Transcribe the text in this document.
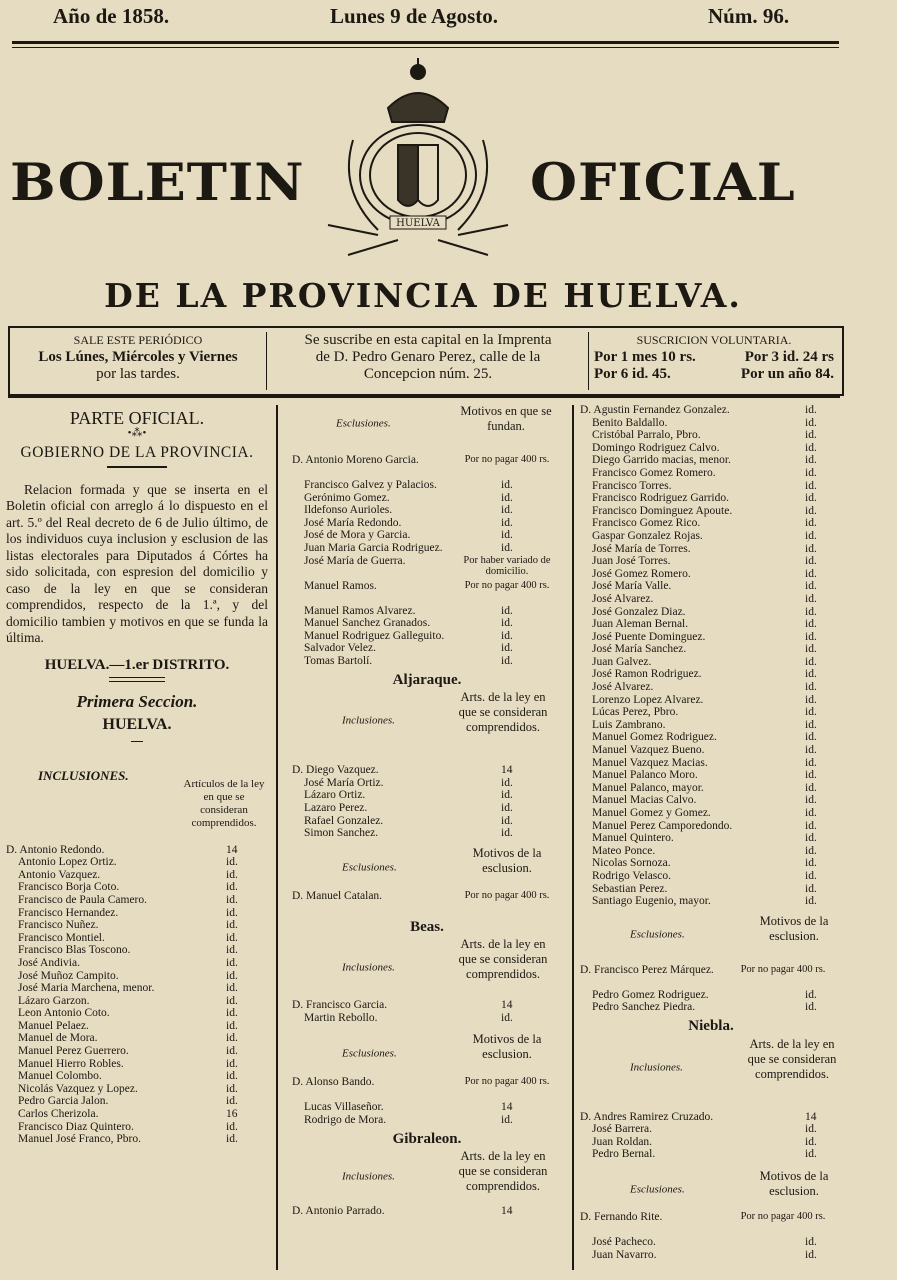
Año de 1858.	Lunes 9 de Agosto.	Núm. 96.
BOLETIN	OFICIAL
HUELVA
DE LA PROVINCIA DE HUELVA.
SALE ESTE PERIÓDICO
Los Lúnes, Miércoles y Viernes
por las tardes.
Se suscribe en esta capital en la Imprenta
de D. Pedro Genaro Perez, calle de la
Concepcion núm. 25.
SUSCRICION VOLUNTARIA.
Por 1 mes 10 rs.	Por 3 id. 24 rs
Por 6 id. 45.	Por un año 84.
PARTE OFICIAL.
•⁂•
GOBIERNO DE LA PROVINCIA.
Relacion formada y que se inserta en el Boletin oficial con arreglo á lo dispuesto en el art. 5.º del Real decreto de 6 de Julio último, de los individuos cuya inclusion y esclusion de las listas electorales para Diputados á Córtes ha sido solicitada, con espresion del domicilio y caso de la ley en que se consideran comprendidos, respecto de la 1.ª, y del domicilio tambien y motivos en que se funda la última.
HUELVA.—1.er DISTRITO.
Primera Seccion.
HUELVA.
INCLUSIONES.
Artículos de la ley en que se consideran comprendidos.
D. Antonio Redondo.	14
Antonio Lopez Ortiz.	id.
Antonio Vazquez.	id.
Francisco Borja Coto.	id.
Francisco de Paula Camero.	id.
Francisco Hernandez.	id.
Francisco Nuñez.	id.
Francisco Montiel.	id.
Francisco Blas Toscono.	id.
José Andivia.	id.
José Muñoz Campito.	id.
José Maria Marchena, menor.	id.
Lázaro Garzon.	id.
Leon Antonio Coto.	id.
Manuel Pelaez.	id.
Manuel de Mora.	id.
Manuel Perez Guerrero.	id.
Manuel Hierro Robles.	id.
Manuel Colombo.	id.
Nicolás Vazquez y Lopez.	id.
Pedro Garcia Jalon.	id.
Carlos Cherizola.	16
Francisco Diaz Quintero.	id.
Manuel José Franco, Pbro.	id.
Esclusiones.
Motivos en que se fundan.
D. Antonio Moreno Garcia.	Por no pagar 400 rs.
Francisco Galvez y Palacios.	id.
Gerónimo Gomez.	id.
Ildefonso Aurioles.	id.
José María Redondo.	id.
José de Mora y Garcia.	id.
Juan Maria Garcia Rodriguez.	id.
José María de Guerra.	Por haber variado de domicilio.
Manuel Ramos.	Por no pagar 400 rs.
Manuel Ramos Alvarez.	id.
Manuel Sanchez Granados.	id.
Manuel Rodriguez Galleguito.	id.
Salvador Velez.	id.
Tomas Bartolí.	id.
Aljaraque.
Inclusiones.
Arts. de la ley en que se consideran comprendidos.
D. Diego Vazquez.	14
José María Ortiz.	id.
Lázaro Ortiz.	id.
Lazaro Perez.	id.
Rafael Gonzalez.	id.
Simon Sanchez.	id.
Esclusiones.
Motivos de la esclusion.
D. Manuel Catalan.	Por no pagar 400 rs.
Beas.
Inclusiones.
Arts. de la ley en que se consideran comprendidos.
D. Francisco Garcia.	14
Martin Rebollo.	id.
Esclusiones.
Motivos de la esclusion.
D. Alonso Bando.	Por no pagar 400 rs.
Lucas Villaseñor.	14
Rodrigo de Mora.	id.
Gibraleon.
Inclusiones.
Arts. de la ley en que se consideran comprendidos.
D. Antonio Parrado.	14
D. Agustin Fernandez Gonzalez.	id.
Benito Baldallo.	id.
Cristóbal Parralo, Pbro.	id.
Domingo Rodriguez Calvo.	id.
Diego Garrido macias, menor.	id.
Francisco Gomez Romero.	id.
Francisco Torres.	id.
Francisco Rodriguez Garrido.	id.
Francisco Dominguez Apoute.	id.
Francisco Gomez Rico.	id.
Gaspar Gonzalez Rojas.	id.
José María de Torres.	id.
Juan José Torres.	id.
José Gomez Romero.	id.
José María Valle.	id.
José Alvarez.	id.
José Gonzalez Diaz.	id.
Juan Aleman Bernal.	id.
José Puente Dominguez.	id.
José María Sanchez.	id.
Juan Galvez.	id.
José Ramon Rodriguez.	id.
José Alvarez.	id.
Lorenzo Lopez Alvarez.	id.
Lúcas Perez, Pbro.	id.
Luis Zambrano.	id.
Manuel Gomez Rodriguez.	id.
Manuel Vazquez Bueno.	id.
Manuel Vazquez Macias.	id.
Manuel Palanco Moro.	id.
Manuel Palanco, mayor.	id.
Manuel Macias Calvo.	id.
Manuel Gomez y Gomez.	id.
Manuel Perez Camporedondo.	id.
Manuel Quintero.	id.
Mateo Ponce.	id.
Nicolas Sornoza.	id.
Rodrigo Velasco.	id.
Sebastian Perez.	id.
Santiago Eugenio, mayor.	id.
Esclusiones.
Motivos de la esclusion.
D. Francisco Perez Márquez.	Por no pagar 400 rs.
Pedro Gomez Rodriguez.	id.
Pedro Sanchez Piedra.	id.
Niebla.
Inclusiones.
Arts. de la ley en que se consideran comprendidos.
D. Andres Ramirez Cruzado.	14
José Barrera.	id.
Juan Roldan.	id.
Pedro Bernal.	id.
Esclusiones.
Motivos de la esclusion.
D. Fernando Rite.	Por no pagar 400 rs.
José Pacheco.	id.
Juan Navarro.	id.
